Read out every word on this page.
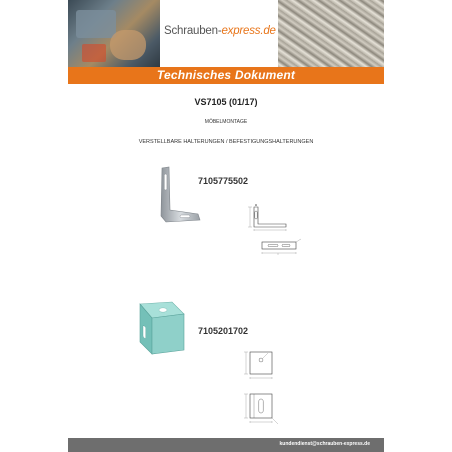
Schrauben-express.de
Technisches Dokument
VS7105 (01/17)
MÖBELMONTAGE
VERSTELLBARE HALTERUNGEN / BEFESTIGUNGSHALTERUNGEN
7105775502
7105201702
kundendienst@schrauben-express.de
